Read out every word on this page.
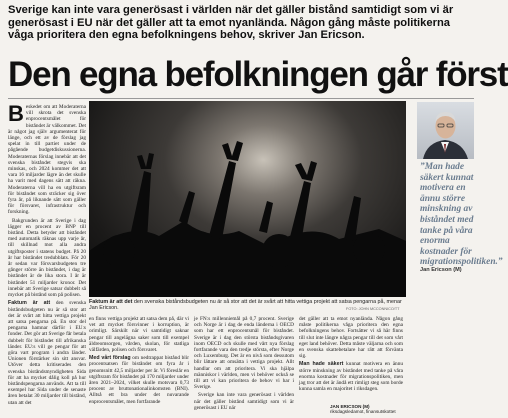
Sverige kan inte vara generösast i världen när det gäller bistånd samtidigt som vi är generösast i EU när det gäller att ta emot nyanlända. Någon gång måste politikerna våga prioritera den egna befolkningens behov, skriver Jan Ericson.
Den egna befolkningen går först

Beskedet om att Moderaterna vill skrota det svenska enprocentsmålet för biståndet är välkommet. Det är något jag själv argumenterat för länge, och ett av de förslag jag spelat in till partiet under de pågående budgetdiskussionerna. Moderaternas förslag innebär att det svenska biståndet stegvis ska minskas, och 2024 kommer det att vara 16 miljarder lägre än det skulle ha varit med dagens sätt att räkna. Moderaterna vill ha en utgiftsram för biståndet som sträcker sig över fyra år, på liknande sätt som gäller för försvaret, infrastruktur och forskning.

Bakgrunden är att Sverige i dag lägger en procent av BNP till bistånd. Detta betyder att biståndet med automatik räknas upp varje år, till skillnad mot alla andra utgiftsposter i statens budget. På 20 år har biståndet tredubblats. För 20 år sedan var försvarsbudgeten tre gånger större än biståndet, i dag är biståndet är de lika stora. I år är biståndet 51 miljarder kronor. Det innebär att Sverige satsar dubbelt så mycket på bistånd som på polisen.

Faktum är att den svenska biståndsbudgeten nu är så stor att det är svårt att hitta vettiga projekt att satsa pengarna på. En stor del pengarna hamnar därför i EU:s fonder. Det gör att Sverige får betala dubbelt för biståndet till afrikanska länder. EU:s vill ge pengar för att göra vart program i andra länder. Unionen förstärker sin sitt ansvar. Utöver detta kritiserades den svenska biståndsmyndigheten Sida för att ha mycket dålig koll på hur biståndspengarna används. Att ta till exempel har Sida under de senaste åren betalat 30 miljarder till bistånd, utan att det

Faktum är att det den svenska biståndsbudgeten nu är så stor att det är svårt att hitta vettiga projekt att satsa pengarna på, menar Jan Ericson.	FOTO: JOHN MCCONNICO/TT

en finns vettiga projekt att satsa dem på, där vi vet att mycket försvinner i korruption, är orimligt. Särskilt när vi samtidigt saknar pengar till angelägna saker som till exempel äldreomsorgen, vården, skolan, för statliga välfärden, polisen och försvaret.

Med vårt förslag om nedtrappat bistånd blir procentsatsen för biståndet om fyra år i genomsnitt 42,5 miljarder per år. Vi föreslår en utgiftsram för biståndet på 170 miljarder under åren 2021–2024, vilket skulle motsvara 0,73 procent av bruttonationalinkomsten (BNI). Alltså ett bra under det nuvarande enprocentsmålet, men fortfarande

je FN:s millenniemål på 0,7 procent. Sverige och Norge är i dag de enda länderna i OECD som har ett enprocentsmål för biståndet. Sverige är i dag den största biståndsgivaren inom OECD och skulle med vårt nya förslag fortfarande vara den tredje största, efter Norge och Luxemburg. Det är en nivå som dessutom blir lättare att omsätta i vettiga projekt. Allt handlar om att prioritera. Vi ska hjälpa människor i världen, men vi behöver också se till att vi kan prioritera de behov vi har i Sverige.

Sverige kan inte vara generösast i världen när det gäller bistånd samtidigt som vi är generösast i EU när

det gäller att ta emot nyanlända. Någon gång måste politikerna våga prioritera den egna befolkningens behov. Fortsätter vi så här finns till slut inte längre några pengar till det som vårt eget land behöver. Detta måste väljarna och som en svenska skattebetalare har rätt att förvänta sig.

Man hade säkert kunnat motivera en ännu större minskning av biståndet med tanke på våra enorma kostnader för migrationspolitiken, men jag tror att det är ändå ett rimligt steg som borde kunna samla en majoritet i riksdagen.

JAN ERICSON (M)
riksdagsledamot, finansutskottet
”Man hade säkert kunnat motivera en ännu större minskning av biståndet med tanke på våra enorma kostnader för migrationspolitiken.”
Jan Ericson (M)
